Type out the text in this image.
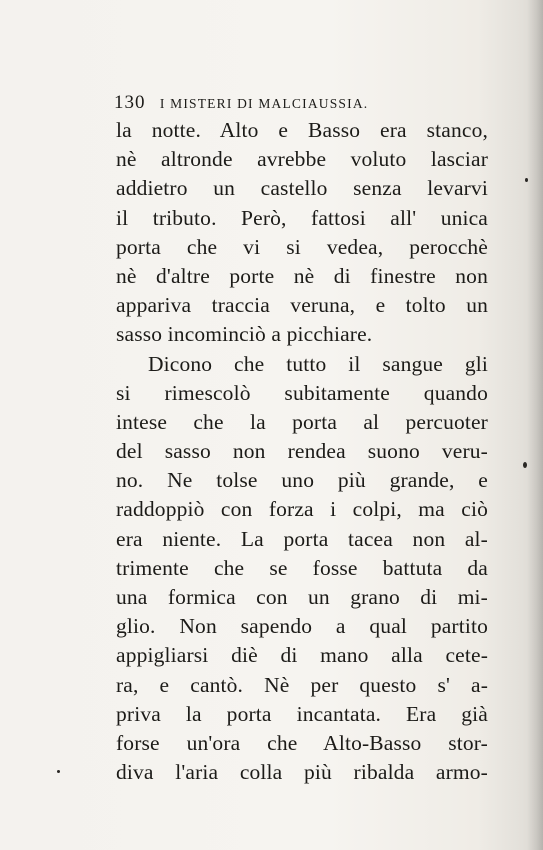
130 I MISTERI DI MALCIAUSSIA.
la notte. Alto e Basso era stanco,
nè altronde avrebbe voluto lasciar
addietro un castello senza levarvi
il tributo. Però, fattosi all' unica
porta che vi si vedea, perocchè
nè d'altre porte nè di finestre non
appariva traccia veruna, e tolto un
sasso incominciò a picchiare.
Dicono che tutto il sangue gli
si rimescolò subitamente quando
intese che la porta al percuoter
del sasso non rendea suono veru-
no. Ne tolse uno più grande, e
raddoppiò con forza i colpi, ma ciò
era niente. La porta tacea non al-
trimente che se fosse battuta da
una formica con un grano di mi-
glio. Non sapendo a qual partito
appigliarsi diè di mano alla cete-
ra, e cantò. Nè per questo s' a-
priva la porta incantata. Era già
forse un'ora che Alto-Basso stor-
diva l'aria colla più ribalda armo-
